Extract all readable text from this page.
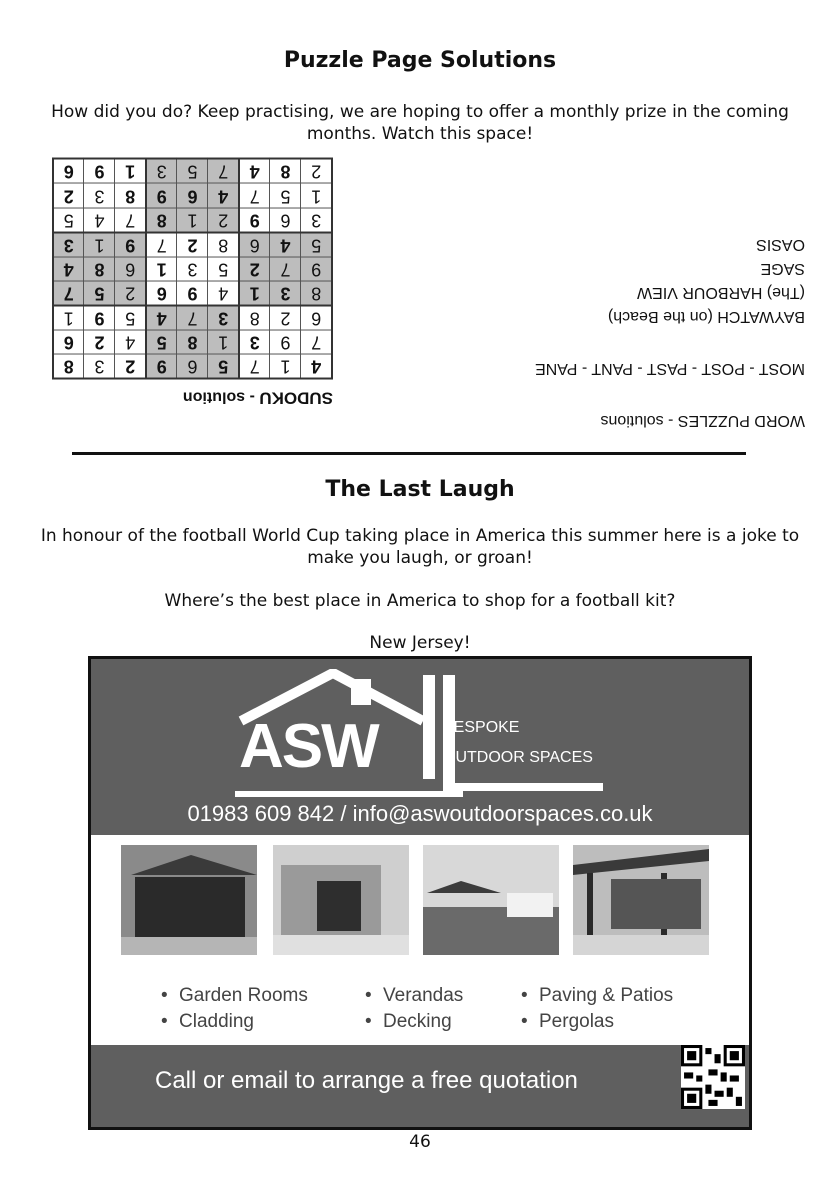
Puzzle Page Solutions
How did you do? Keep practising, we are hoping to offer a monthly prize in the coming months. Watch this space!
SUDOKU - solution
4	1	7	5	6	9	2	3	8
7	9	3	1	8	5	4	2	6
6	2	8	3	7	4	5	9	1
8	3	1	4	9	6	2	5	7
9	7	2	5	3	1	6	8	4
5	4	6	8	2	7	9	1	3
3	6	9	2	1	8	7	4	5
1	5	7	4	6	9	8	3	2
2	8	4	7	5	3	1	9	6
WORD PUZZLES - solutions
MOST - POST - PAST - PANT - PANE
BAYWATCH (on the Beach)
(The) HARBOUR VIEW
SAGE
OASIS
The Last Laugh
In honour of the football World Cup taking place in America this summer here is a joke to make you laugh, or groan!
Where’s the best place in America to shop for a football kit?
New Jersey!
ASW	BESPOKE
OUTDOOR SPACES
01983 609 842 / info@aswoutdoorspaces.co.uk
• Garden Rooms
• Cladding
• Verandas
• Decking
• Paving & Patios
• Pergolas
Call or email to arrange a free quotation
46
